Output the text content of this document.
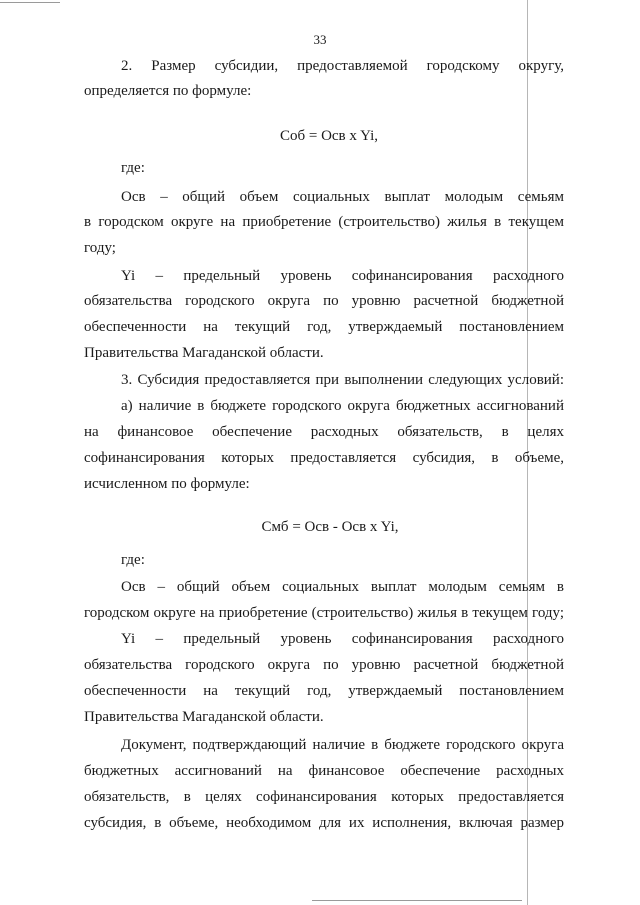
33
2. Размер субсидии, предоставляемой городскому округу,
определяется по формуле:
Соб = Осв x Yi,
где:
Осв – общий объем социальных выплат молодым семьям
в городском округе на приобретение (строительство) жилья в текущем
году;
Yi – предельный уровень софинансирования расходного
обязательства городского округа по уровню расчетной бюджетной
обеспеченности на текущий год, утверждаемый постановлением
Правительства Магаданской области.
3. Субсидия предоставляется при выполнении следующих условий:
а) наличие в бюджете городского округа бюджетных ассигнований
на финансовое обеспечение расходных обязательств, в целях
софинансирования которых предоставляется субсидия, в объеме,
исчисленном по формуле:
Смб = Осв - Осв x Yi,
где:
Осв – общий объем социальных выплат молодым семьям в
городском округе на приобретение (строительство) жилья в текущем году;
Yi – предельный уровень софинансирования расходного
обязательства городского округа по уровню расчетной бюджетной
обеспеченности на текущий год, утверждаемый постановлением
Правительства Магаданской области.
Документ, подтверждающий наличие в бюджете городского округа
бюджетных ассигнований на финансовое обеспечение расходных
обязательств, в целях софинансирования которых предоставляется
субсидия, в объеме, необходимом для их исполнения, включая размер
